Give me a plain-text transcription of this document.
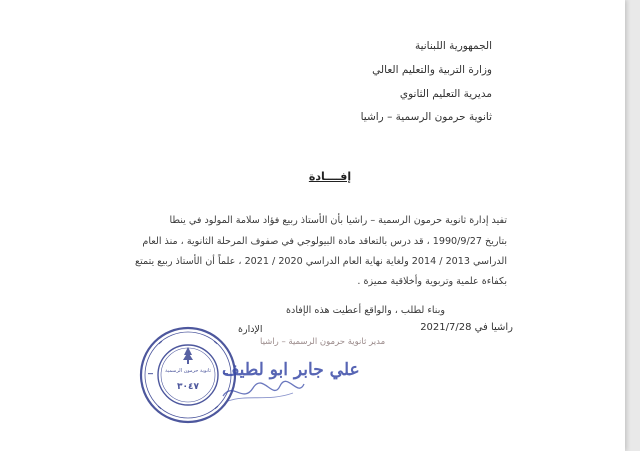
الجمهورية اللبنانية
وزارة التربية والتعليم العالي
مديرية التعليم الثانوي
ثانوية حرمون الرسمية – راشيا
إفــــادة
تفيد إدارة ثانوية حرمون الرسمية – راشيا بأن الأستاذ ربيع فؤاد سلامة المولود في ينطا
بتاريخ 1990/9/27 ، قد درس بالتعاقد مادة البيولوجي في صفوف المرحلة الثانوية ، منذ العام
الدراسي 2013 / 2014 ولغاية نهاية العام الدراسي 2020 / 2021 ، علماً أن الأستاذ ربيع يتمتع
بكفاءة علمية وتربوية وأخلاقية مميزة .
وبناء لطلب ، والواقع أعطيت هذه الإفادة
راشيا في 2021/7/28
الإدارة
ثانوية حرمون الرسمية
٣٠٤٧
مدير ثانوية حرمون الرسمية – راشيا
علي جابر ابو لطيف
